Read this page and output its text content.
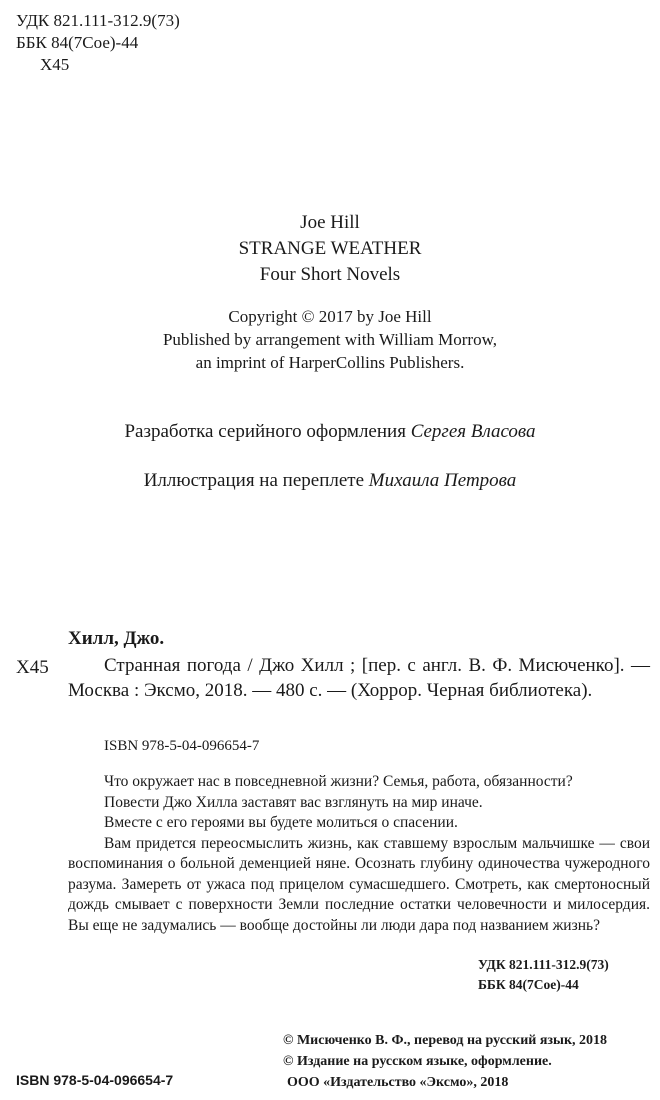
УДК 821.111-312.9(73)
ББК 84(7Сое)-44
Х45
Joe Hill
STRANGE WEATHER
Four Short Novels
Copyright © 2017 by Joe Hill
Published by arrangement with William Morrow,
an imprint of HarperCollins Publishers.
Разработка серийного оформления Сергея Власова
Иллюстрация на переплете Михаила Петрова
Хилл, Джо.
Х45	Странная погода / Джо Хилл ; [пер. с англ. В. Ф. Мисюченко]. — Москва : Эксмо, 2018. — 480 с. — (Хоррор. Черная библиотека).
ISBN 978-5-04-096654-7

Что окружает нас в повседневной жизни? Семья, работа, обязанности?

Повести Джо Хилла заставят вас взглянуть на мир иначе.

Вместе с его героями вы будете молиться о спасении.

Вам придется переосмыслить жизнь, как ставшему взрослым мальчишке — свои воспоминания о больной деменцией няне. Осознать глубину одиночества чужеродного разума. Замереть от ужаса под прицелом сумасшедшего. Смотреть, как смертоносный дождь смывает с поверхности Земли последние остатки человечности и милосердия. Вы еще не задумались — вообще достойны ли люди дара под названием жизнь?

УДК 821.111-312.9(73)
ББК 84(7Сое)-44
© Мисюченко В. Ф., перевод на русский язык, 2018
© Издание на русском языке, оформление.
ООО «Издательство «Эксмо», 2018
ISBN 978-5-04-096654-7
